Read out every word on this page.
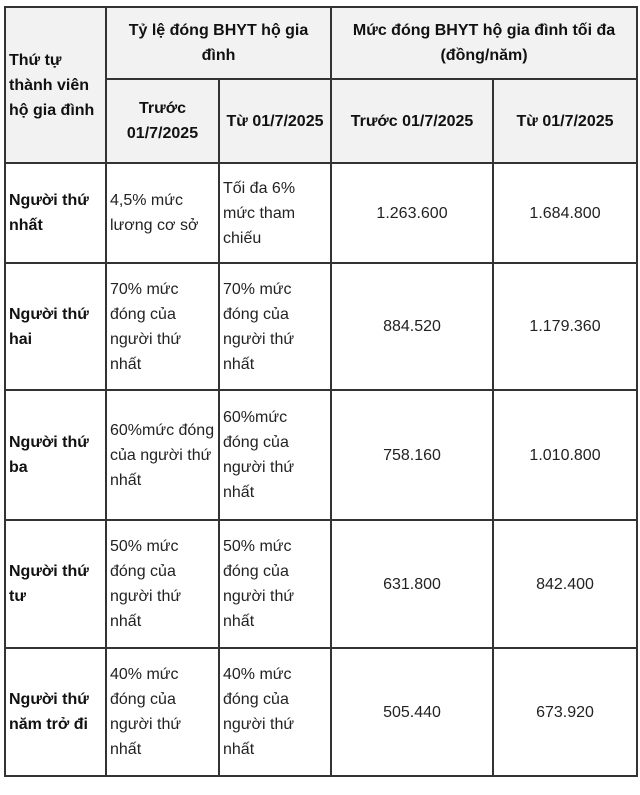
Thứ tự thành viên hộ gia đình	Tỷ lệ đóng BHYT hộ gia đình		Mức đóng BHYT hộ gia đình tối đa (đồng/năm)	
	Trước 01/7/2025	Từ 01/7/2025	Trước 01/7/2025	Từ 01/7/2025
Người thứ nhất	4,5% mức lương cơ sở	Tối đa 6% mức tham chiếu	1.263.600	1.684.800
Người thứ hai	70% mức đóng của người thứ nhất	70% mức đóng của người thứ nhất	884.520	1.179.360
Người thứ ba	60%mức đóng của người thứ nhất	60%mức đóng của người thứ nhất	758.160	1.010.800
Người thứ tư	50% mức đóng của người thứ nhất	50% mức đóng của người thứ nhất	631.800	842.400
Người thứ năm trở đi	40% mức đóng của người thứ nhất	40% mức đóng của người thứ nhất	505.440	673.920
